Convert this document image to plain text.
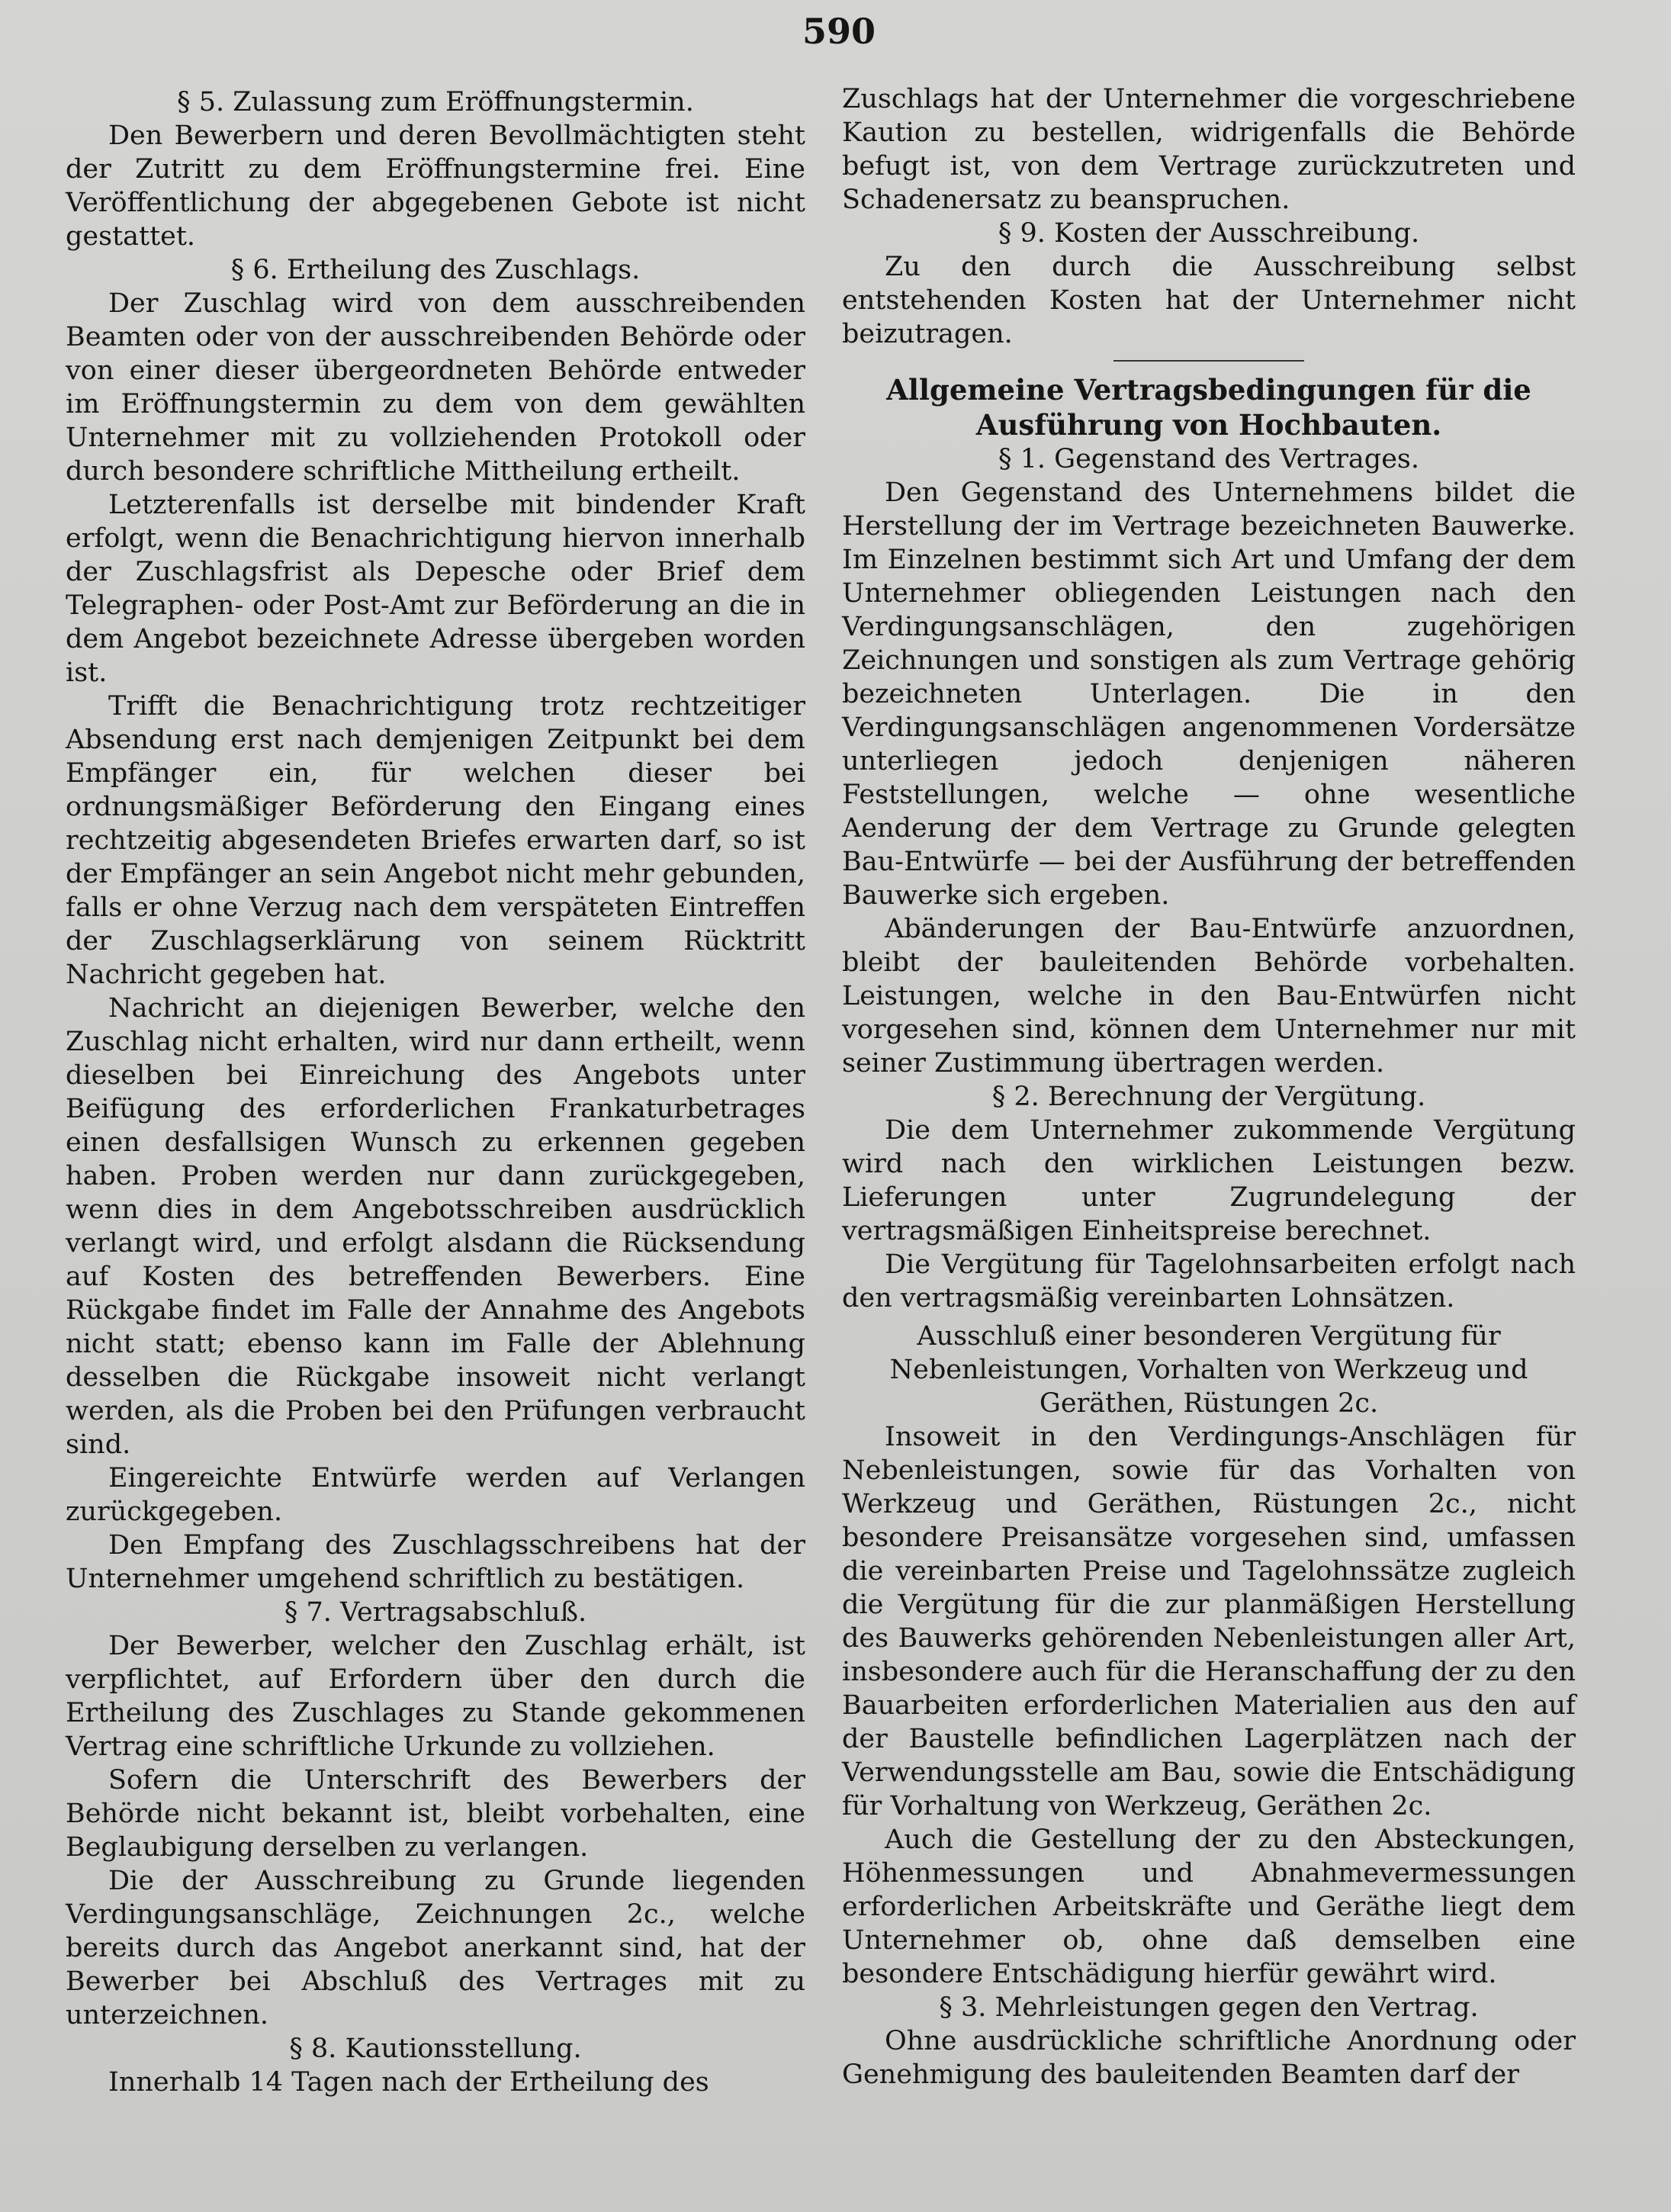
590
§ 5. Zulassung zum Eröffnungstermin.

Den Bewerbern und deren Bevollmächtigten steht der Zutritt zu dem Eröffnungstermine frei. Eine Veröffentlichung der abgegebenen Gebote ist nicht gestattet.

§ 6. Ertheilung des Zuschlags.

Der Zuschlag wird von dem ausschreibenden Beamten oder von der ausschreibenden Behörde oder von einer dieser übergeordneten Behörde entweder im Eröffnungstermin zu dem von dem gewählten Unternehmer mit zu vollziehenden Protokoll oder durch besondere schriftliche Mittheilung ertheilt.

Letzterenfalls ist derselbe mit bindender Kraft erfolgt, wenn die Benachrichtigung hiervon innerhalb der Zuschlagsfrist als Depesche oder Brief dem Telegraphen- oder Post-Amt zur Beförderung an die in dem Angebot bezeichnete Adresse übergeben worden ist.

Trifft die Benachrichtigung trotz rechtzeitiger Absendung erst nach demjenigen Zeitpunkt bei dem Empfänger ein, für welchen dieser bei ordnungsmäßiger Beförderung den Eingang eines rechtzeitig abgesendeten Briefes erwarten darf, so ist der Empfänger an sein Angebot nicht mehr gebunden, falls er ohne Verzug nach dem verspäteten Eintreffen der Zuschlagserklärung von seinem Rücktritt Nachricht gegeben hat.

Nachricht an diejenigen Bewerber, welche den Zuschlag nicht erhalten, wird nur dann ertheilt, wenn dieselben bei Einreichung des Angebots unter Beifügung des erforderlichen Frankaturbetrages einen desfallsigen Wunsch zu erkennen gegeben haben. Proben werden nur dann zurückgegeben, wenn dies in dem Angebotsschreiben ausdrücklich verlangt wird, und erfolgt alsdann die Rücksendung auf Kosten des betreffenden Bewerbers. Eine Rückgabe findet im Falle der Annahme des Angebots nicht statt; ebenso kann im Falle der Ablehnung desselben die Rückgabe insoweit nicht verlangt werden, als die Proben bei den Prüfungen verbraucht sind.

Eingereichte Entwürfe werden auf Verlangen zurückgegeben.

Den Empfang des Zuschlagsschreibens hat der Unternehmer umgehend schriftlich zu bestätigen.

§ 7. Vertragsabschluß.

Der Bewerber, welcher den Zuschlag erhält, ist verpflichtet, auf Erfordern über den durch die Ertheilung des Zuschlages zu Stande gekommenen Vertrag eine schriftliche Urkunde zu vollziehen.

Sofern die Unterschrift des Bewerbers der Behörde nicht bekannt ist, bleibt vorbehalten, eine Beglaubigung derselben zu verlangen.

Die der Ausschreibung zu Grunde liegenden Verdingungsanschläge, Zeichnungen 2c., welche bereits durch das Angebot anerkannt sind, hat der Bewerber bei Abschluß des Vertrages mit zu unterzeichnen.

§ 8. Kautionsstellung.

Innerhalb 14 Tagen nach der Ertheilung des

Zuschlags hat der Unternehmer die vorgeschriebene Kaution zu bestellen, widrigenfalls die Behörde befugt ist, von dem Vertrage zurückzutreten und Schadenersatz zu beanspruchen.

§ 9. Kosten der Ausschreibung.

Zu den durch die Ausschreibung selbst entstehenden Kosten hat der Unternehmer nicht beizutragen.

Allgemeine Vertragsbedingungen für die Ausführung von Hochbauten.
§ 1. Gegenstand des Vertrages.

Den Gegenstand des Unternehmens bildet die Herstellung der im Vertrage bezeichneten Bauwerke. Im Einzelnen bestimmt sich Art und Umfang der dem Unternehmer obliegenden Leistungen nach den Verdingungsanschlägen, den zugehörigen Zeichnungen und sonstigen als zum Vertrage gehörig bezeichneten Unterlagen. Die in den Verdingungsanschlägen angenommenen Vordersätze unterliegen jedoch denjenigen näheren Feststellungen, welche — ohne wesentliche Aenderung der dem Vertrage zu Grunde gelegten Bau-Entwürfe — bei der Ausführung der betreffenden Bauwerke sich ergeben.

Abänderungen der Bau-Entwürfe anzuordnen, bleibt der bauleitenden Behörde vorbehalten. Leistungen, welche in den Bau-Entwürfen nicht vorgesehen sind, können dem Unternehmer nur mit seiner Zustimmung übertragen werden.

§ 2. Berechnung der Vergütung.

Die dem Unternehmer zukommende Vergütung wird nach den wirklichen Leistungen bezw. Lieferungen unter Zugrundelegung der vertragsmäßigen Einheitspreise berechnet.

Die Vergütung für Tagelohnsarbeiten erfolgt nach den vertragsmäßig vereinbarten Lohnsätzen.

Ausschluß einer besonderen Vergütung für Nebenleistungen, Vorhalten von Werkzeug und Geräthen, Rüstungen 2c.

Insoweit in den Verdingungs-Anschlägen für Nebenleistungen, sowie für das Vorhalten von Werkzeug und Geräthen, Rüstungen 2c., nicht besondere Preisansätze vorgesehen sind, umfassen die vereinbarten Preise und Tagelohnssätze zugleich die Vergütung für die zur planmäßigen Herstellung des Bauwerks gehörenden Nebenleistungen aller Art, insbesondere auch für die Heranschaffung der zu den Bauarbeiten erforderlichen Materialien aus den auf der Baustelle befindlichen Lagerplätzen nach der Verwendungsstelle am Bau, sowie die Entschädigung für Vorhaltung von Werkzeug, Geräthen 2c.

Auch die Gestellung der zu den Absteckungen, Höhenmessungen und Abnahmevermessungen erforderlichen Arbeitskräfte und Geräthe liegt dem Unternehmer ob, ohne daß demselben eine besondere Entschädigung hierfür gewährt wird.

§ 3. Mehrleistungen gegen den Vertrag.

Ohne ausdrückliche schriftliche Anordnung oder Genehmigung des bauleitenden Beamten darf der
